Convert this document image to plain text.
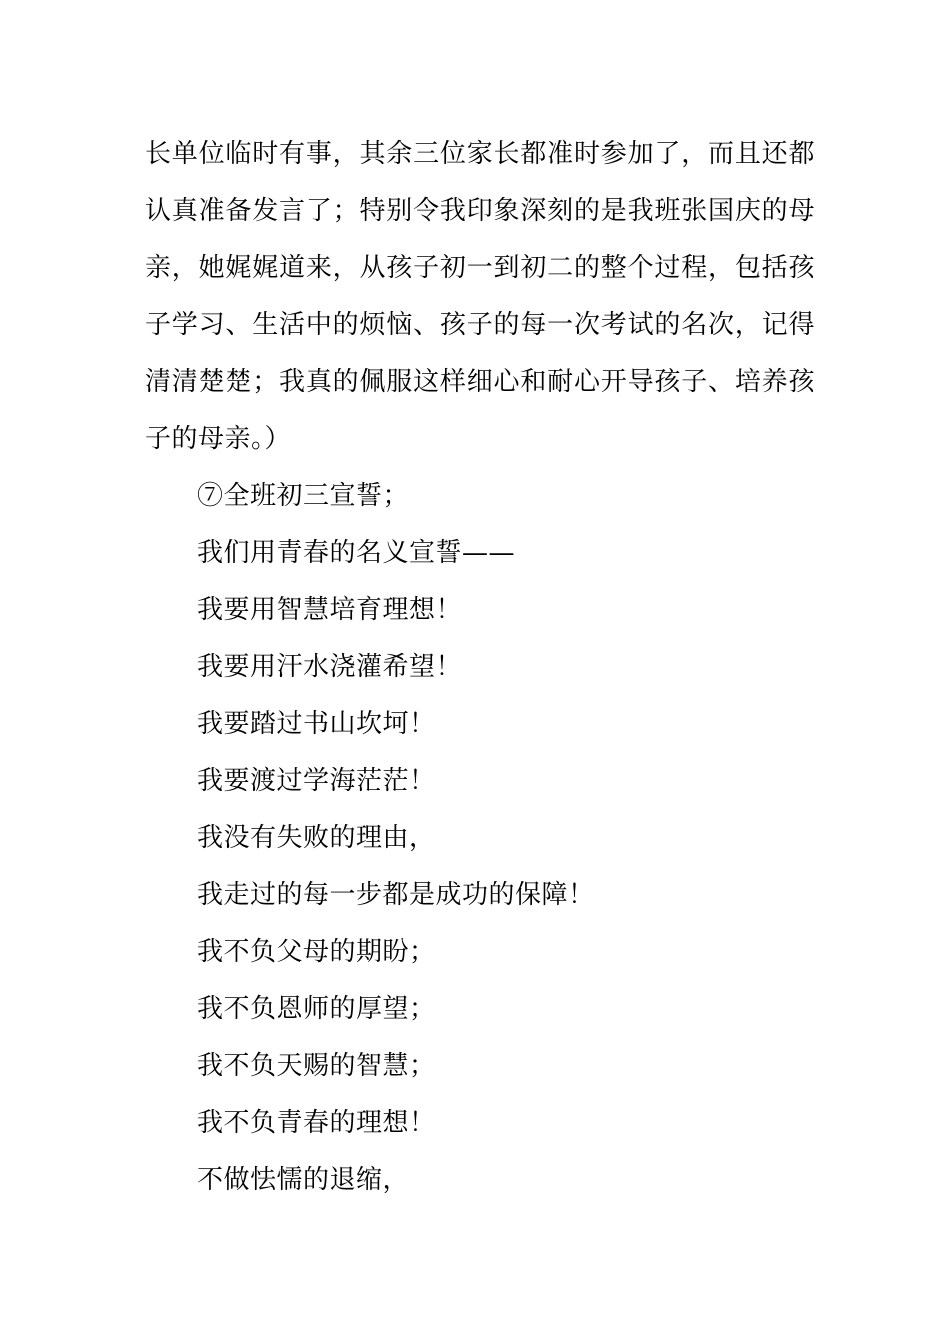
长单位临时有事，其余三位家长都准时参加了，而且还都
认真准备发言了；特别令我印象深刻的是我班张国庆的母
亲，她娓娓道来，从孩子初一到初二的整个过程，包括孩
子学习、生活中的烦恼、孩子的每一次考试的名次，记得
清清楚楚；我真的佩服这样细心和耐心开导孩子、培养孩
子的母亲。）
⑦全班初三宣誓；
我们用青春的名义宣誓——
我要用智慧培育理想！
我要用汗水浇灌希望！
我要踏过书山坎坷！
我要渡过学海茫茫！
我没有失败的理由，
我走过的每一步都是成功的保障！
我不负父母的期盼；
我不负恩师的厚望；
我不负天赐的智慧；
我不负青春的理想！
不做怯懦的退缩，
